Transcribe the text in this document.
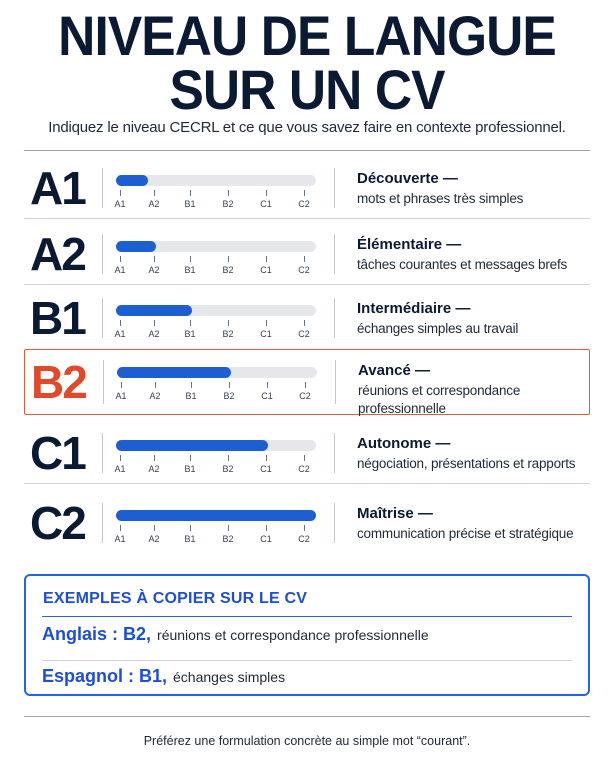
NIVEAU DE LANGUE
SUR UN CV
Indiquez le niveau CECRL et ce que vous savez faire en contexte professionnel.
A1	A1	A2	B1	B2	C1	C2
Découverte —
mots et phrases très simples
A2	A1	A2	B1	B2	C1	C2
Élémentaire —
tâches courantes et messages brefs
B1	A1	A2	B1	B2	C1	C2
Intermédiaire —
échanges simples au travail
B2	A1	A2	B1	B2	C1	C2
Avancé —
réunions et correspondance professionnelle
C1	A1	A2	B1	B2	C1	C2
Autonome —
négociation, présentations et rapports
C2	A1	A2	B1	B2	C1	C2
Maîtrise —
communication précise et stratégique
EXEMPLES À COPIER SUR LE CV
Anglais : B2, réunions et correspondance professionnelle
Espagnol : B1, échanges simples
Préférez une formulation concrète au simple mot “courant”.
